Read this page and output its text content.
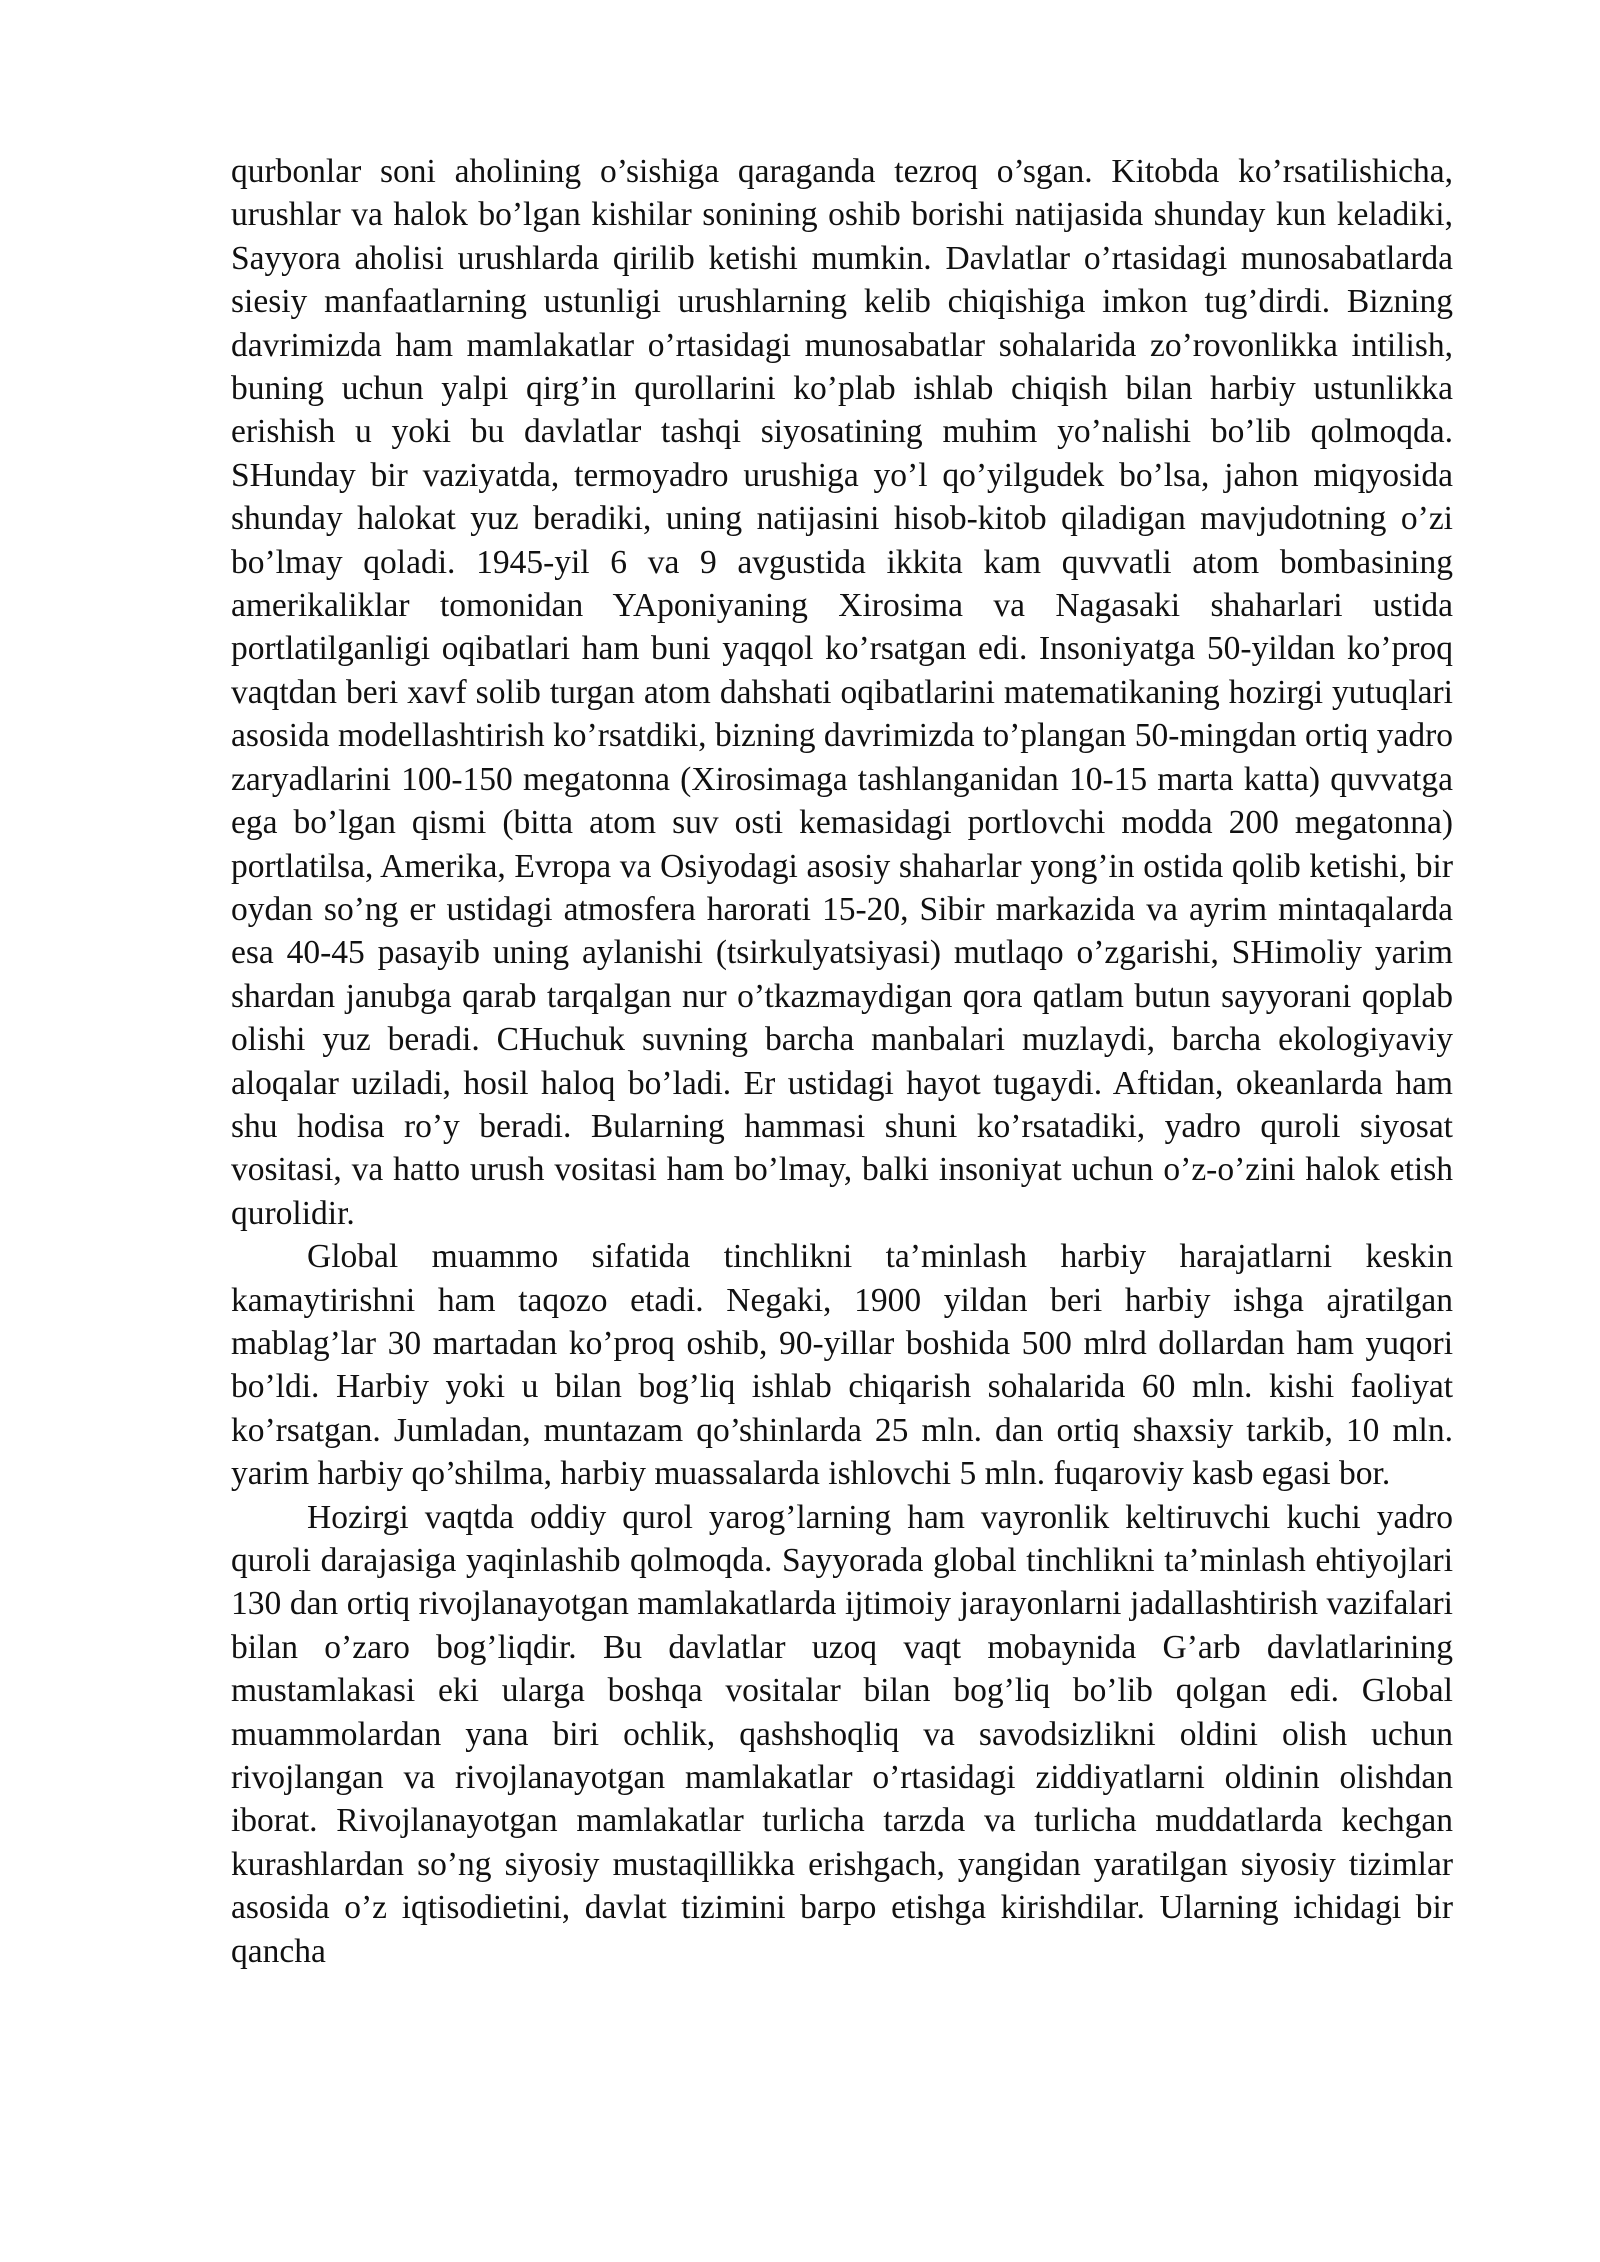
qurbonlar soni aholining o’sishiga qaraganda tezroq o’sgan. Kitobda ko’rsatilishicha, urushlar va halok bo’lgan kishilar sonining oshib borishi natijasida shunday kun keladiki, Sayyora aholisi urushlarda qirilib ketishi mumkin. Davlatlar o’rtasidagi munosabatlarda siesiy manfaatlarning ustunligi urushlarning kelib chiqishiga imkon tug’dirdi. Bizning davrimizda ham mamlakatlar o’rtasidagi munosabatlar sohalarida zo’rovonlikka intilish, buning uchun yalpi qirg’in qurollarini ko’plab ishlab chiqish bilan harbiy ustunlikka erishish u yoki bu davlatlar tashqi siyosatining muhim yo’nalishi bo’lib qolmoqda. SHunday bir vaziyatda, termoyadro urushiga yo’l qo’yilgudek bo’lsa, jahon miqyosida shunday halokat yuz beradiki, uning natijasini hisob-kitob qiladigan mavjudotning o’zi bo’lmay qoladi. 1945-yil 6 va 9 avgustida ikkita kam quvvatli atom bombasining amerikaliklar tomonidan YAponiyaning Xirosima va Nagasaki shaharlari ustida portlatilganligi oqibatlari ham buni yaqqol ko’rsatgan edi. Insoniyatga 50-yildan ko’proq vaqtdan beri xavf solib turgan atom dahshati oqibatlarini matematikaning hozirgi yutuqlari asosida modellashtirish ko’rsatdiki, bizning davrimizda to’plangan 50-mingdan ortiq yadro zaryadlarini 100-150 megatonna (Xirosimaga tashlanganidan 10-15 marta katta) quvvatga ega bo’lgan qismi (bitta atom suv osti kemasidagi portlovchi modda 200 megatonna) portlatilsa, Amerika, Evropa va Osiyodagi asosiy shaharlar yong’in ostida qolib ketishi, bir oydan so’ng er ustidagi atmosfera harorati 15-20, Sibir markazida va ayrim mintaqalarda esa 40-45 pasayib uning aylanishi (tsirkulyatsiyasi) mutlaqo o’zgarishi, SHimoliy yarim shardan janubga qarab tarqalgan nur o’tkazmaydigan qora qatlam butun sayyorani qoplab olishi yuz beradi. CHuchuk suvning barcha manbalari muzlaydi, barcha ekologiyaviy aloqalar uziladi, hosil haloq bo’ladi. Er ustidagi hayot tugaydi. Aftidan, okeanlarda ham shu hodisa ro’y beradi. Bularning hammasi shuni ko’rsatadiki, yadro quroli siyosat vositasi, va hatto urush vositasi ham bo’lmay, balki insoniyat uchun o’z-o’zini halok etish qurolidir.

Global muammo sifatida tinchlikni ta’minlash harbiy harajatlarni keskin kamaytirishni ham taqozo etadi. Negaki, 1900 yildan beri harbiy ishga ajratilgan mablag’lar 30 martadan ko’proq oshib, 90-yillar boshida 500 mlrd dollardan ham yuqori bo’ldi. Harbiy yoki u bilan bog’liq ishlab chiqarish sohalarida 60 mln. kishi faoliyat ko’rsatgan. Jumladan, muntazam qo’shinlarda 25 mln. dan ortiq shaxsiy tarkib, 10 mln. yarim harbiy qo’shilma, harbiy muassalarda ishlovchi 5 mln. fuqaroviy kasb egasi bor.

Hozirgi vaqtda oddiy qurol yarog’larning ham vayronlik keltiruvchi kuchi yadro quroli darajasiga yaqinlashib qolmoqda. Sayyorada global tinchlikni ta’minlash ehtiyojlari 130 dan ortiq rivojlanayotgan mamlakatlarda ijtimoiy jarayonlarni jadallashtirish vazifalari bilan o’zaro bog’liqdir. Bu davlatlar uzoq vaqt mobaynida G’arb davlatlarining mustamlakasi eki ularga boshqa vositalar bilan bog’liq bo’lib qolgan edi. Global muammolardan yana biri ochlik, qashshoqliq va savodsizlikni oldini olish uchun rivojlangan va rivojlanayotgan mamlakatlar o’rtasidagi ziddiyatlarni oldinin olishdan iborat. Rivojlanayotgan mamlakatlar turlicha tarzda va turlicha muddatlarda kechgan kurashlardan so’ng siyosiy mustaqillikka erishgach, yangidan yaratilgan siyosiy tizimlar asosida o’z iqtisodietini, davlat tizimini barpo etishga kirishdilar. Ularning ichidagi bir qancha
